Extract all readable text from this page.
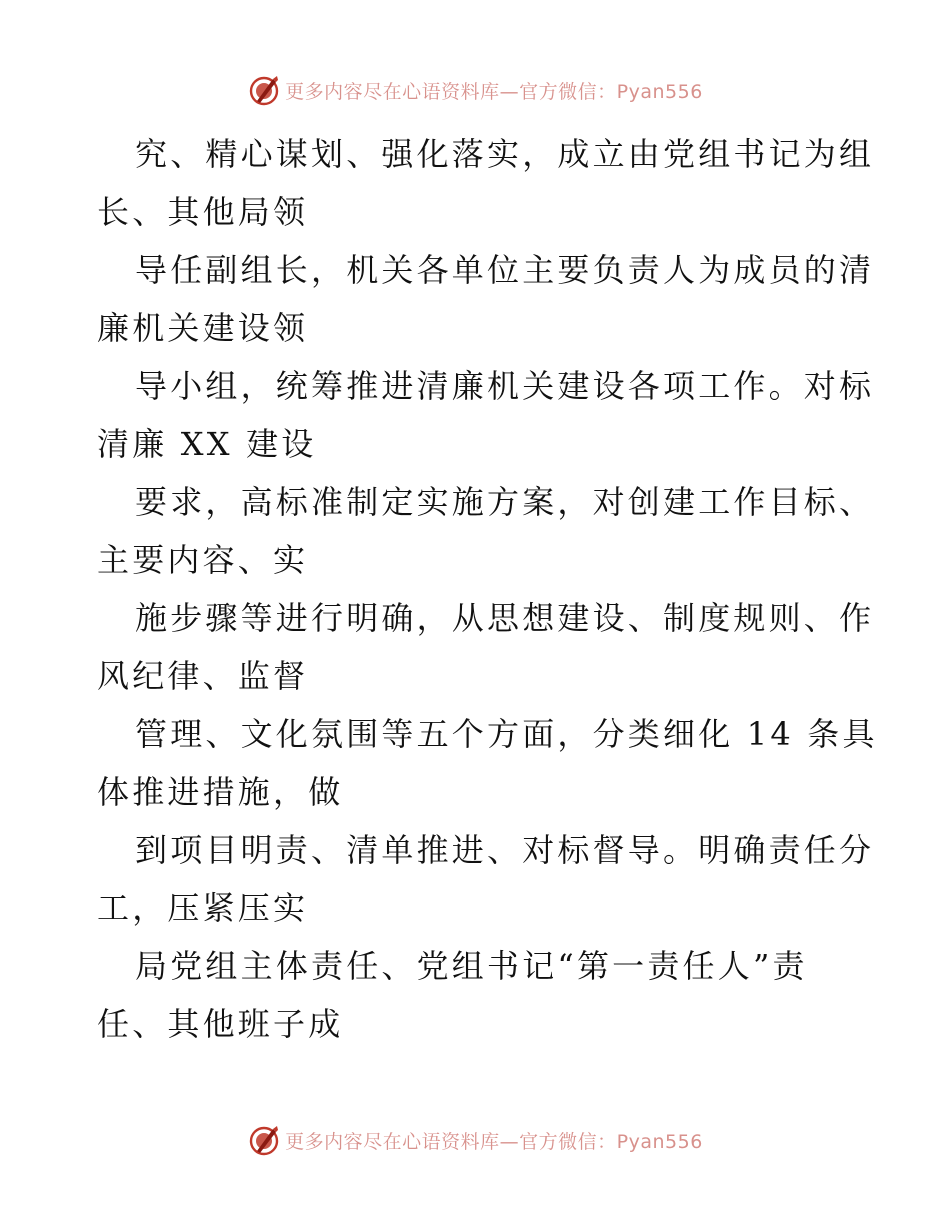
更多内容尽在心语资料库—官方微信：Pyan556
究、精心谋划、强化落实，成立由党组书记为组
长、其他局领
导任副组长，机关各单位主要负责人为成员的清
廉机关建设领
导小组，统筹推进清廉机关建设各项工作。对标
清廉 XX 建设
要求，高标准制定实施方案，对创建工作目标、
主要内容、实
施步骤等进行明确，从思想建设、制度规则、作
风纪律、监督
管理、文化氛围等五个方面，分类细化 14 条具
体推进措施，做
到项目明责、清单推进、对标督导。明确责任分
工，压紧压实
局党组主体责任、党组书记“第一责任人”责
任、其他班子成
更多内容尽在心语资料库—官方微信：Pyan556
